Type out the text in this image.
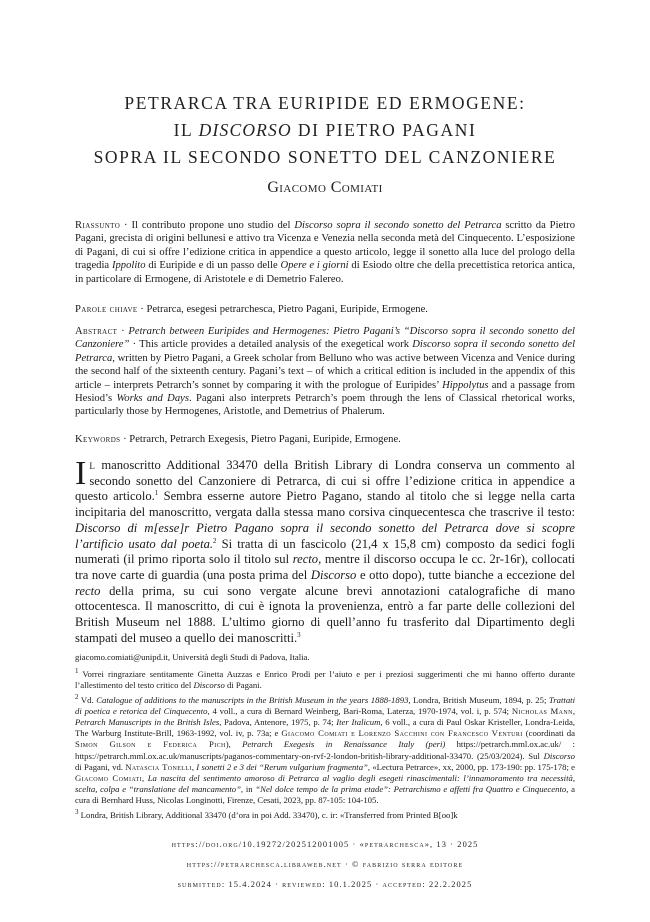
PETRARCA TRA EURIPIDE ED ERMOGENE:
IL DISCORSO DI PIETRO PAGANI
SOPRA IL SECONDO SONETTO DEL CANZONIERE
Giacomo Comiati
Riassunto · Il contributo propone uno studio del Discorso sopra il secondo sonetto del Petrarca scritto da Pietro Pagani, grecista di origini bellunesi e attivo tra Vicenza e Venezia nella seconda metà del Cinquecento. L’esposizione di Pagani, di cui si offre l’edizione critica in appendice a questo articolo, legge il sonetto alla luce del prologo della tragedia Ippolito di Euripide e di un passo delle Opere e i giorni di Esiodo oltre che della precettistica retorica antica, in particolare di Ermogene, di Aristotele e di Demetrio Falereo.
Parole chiave · Petrarca, esegesi petrarchesca, Pietro Pagani, Euripide, Ermogene.
Abstract · Petrarch between Euripides and Hermogenes: Pietro Pagani’s “Discorso sopra il secondo sonetto del Canzoniere” · This article provides a detailed analysis of the exegetical work Discorso sopra il secondo sonetto del Petrarca, written by Pietro Pagani, a Greek scholar from Belluno who was active between Vicenza and Venice during the second half of the sixteenth century. Pagani’s text – of which a critical edition is included in the appendix of this article – interprets Petrarch’s sonnet by comparing it with the prologue of Euripides’ Hippolytus and a passage from Hesiod’s Works and Days. Pagani also interprets Petrarch’s poem through the lens of Classical rhetorical works, particularly those by Hermogenes, Aristotle, and Demetrius of Phalerum.
Keywords · Petrarch, Petrarch Exegesis, Pietro Pagani, Euripide, Ermogene.
Il manoscritto Additional 33470 della British Library di Londra conserva un commento al secondo sonetto del Canzoniere di Petrarca, di cui si offre l’edizione critica in appendice a questo articolo.$^1$ Sembra esserne autore Pietro Pagano, stando al titolo che si legge nella carta incipitaria del manoscritto, vergata dalla stessa mano corsiva cinquecentesca che trascrive il testo: Discorso di m[esse]r Pietro Pagano sopra il secondo sonetto del Petrarca dove si scopre l’artificio usato dal poeta.$^2$ Si tratta di un fascicolo (21,4 x 15,8 cm) composto da sedici fogli numerati (il primo riporta solo il titolo sul recto, mentre il discorso occupa le cc. 2r-16r), collocati tra nove carte di guardia (una posta prima del Discorso e otto dopo), tutte bianche a eccezione del recto della prima, su cui sono vergate alcune brevi annotazioni catalografiche di mano ottocentesca. Il manoscritto, di cui è ignota la provenienza, entrò a far parte delle collezioni del British Museum nel 1888. L’ultimo giorno di quell’anno fu trasferito dal Dipartimento degli stampati del museo a quello dei manoscritti.$^3$

giacomo.comiati@unipd.it, Università degli Studi di Padova, Italia.

$^1$ Vorrei ringraziare sentitamente Ginetta Auzzas e Enrico Prodi per l’aiuto e per i preziosi suggerimenti che mi hanno offerto durante l’allestimento del testo critico del Discorso di Pagani.

$^2$ Vd. Catalogue of additions to the manuscripts in the British Museum in the years 1888-1893, Londra, British Museum, 1894, p. 25; Trattati di poetica e retorica del Cinquecento, 4 voll., a cura di Bernard Weinberg, Bari-Roma, Laterza, 1970-1974, vol. i, p. 574; Nicholas Mann, Petrarch Manuscripts in the British Isles, Padova, Antenore, 1975, p. 74; Iter Italicum, 6 voll., a cura di Paul Oskar Kristeller, Londra-Leida, The Warburg Institute-Brill, 1963-1992, vol. iv, p. 73a; e Giacomo Comiati e Lorenzo Sacchini con Francesco Venturi (coordinati da Simon Gilson e Federica Pich), Petrarch Exegesis in Renaissance Italy (peri) https://petrarch.mml.ox.ac.uk/ : https://petrarch.mml.ox.ac.uk/manuscripts/paganos-commentary-on-rvf-2-london-british-library-additional-33470. (25/03/2024). Sul Discorso di Pagani, vd. Natascia Tonelli, I sonetti 2 e 3 dei “Rerum vulgarium fragmenta”, «Lectura Petrarce», xx, 2000, pp. 173-190: pp. 175-178; e Giacomo Comiati, La nascita del sentimento amoroso di Petrarca al vaglio degli esegeti rinascimentali: l’innamoramento tra necessità, scelta, colpa e “translatione del mancamento”, in “Nel dolce tempo de la prima etade”: Petrarchismo e affetti fra Quattro e Cinquecento, a cura di Bernhard Huss, Nicolas Longinotti, Firenze, Cesati, 2023, pp. 87-105: 104-105.

$^3$ Londra, British Library, Additional 33470 (d’ora in poi Add. 33470), c. ir: «Transferred from Printed B[oo]k

https://doi.org/10.19272/202512001005 · «petrarchesca», 13 · 2025
https://petrarchesca.libraweb.net · © fabrizio serra editore
submitted: 15.4.2024 · reviewed: 10.1.2025 · accepted: 22.2.2025
